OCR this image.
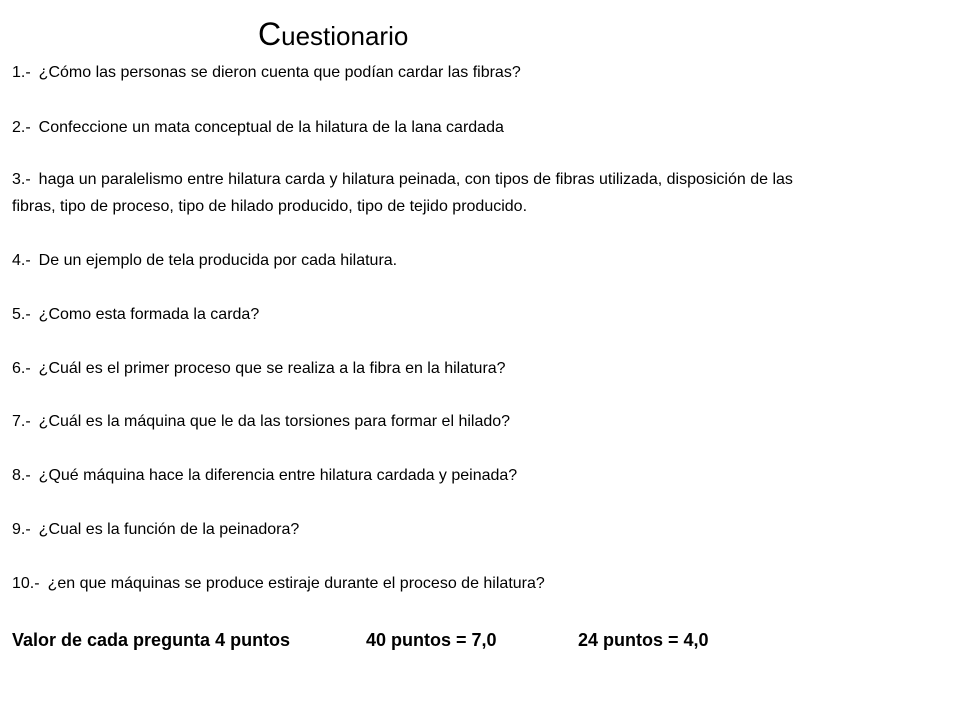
Cuestionario

1.- ¿Cómo las personas se dieron cuenta que podían cardar las fibras?

2.- Confeccione un mata conceptual de la hilatura de la lana cardada

3.- haga un paralelismo entre hilatura carda y hilatura peinada, con tipos de fibras utilizada, disposición de las

fibras, tipo de proceso, tipo de hilado producido, tipo de tejido producido.

4.- De un ejemplo de tela producida por cada hilatura.

5.- ¿Como esta formada la carda?

6.- ¿Cuál es el primer proceso que se realiza a la fibra en la hilatura?

7.- ¿Cuál es la máquina que le da las torsiones para formar el hilado?

8.- ¿Qué máquina hace la diferencia entre hilatura cardada y peinada?

9.- ¿Cual es la función de la peinadora?

10.- ¿en que máquinas se produce estiraje durante el proceso de hilatura?

Valor de cada pregunta 4 puntos	40 puntos = 7,0	24 puntos = 4,0
